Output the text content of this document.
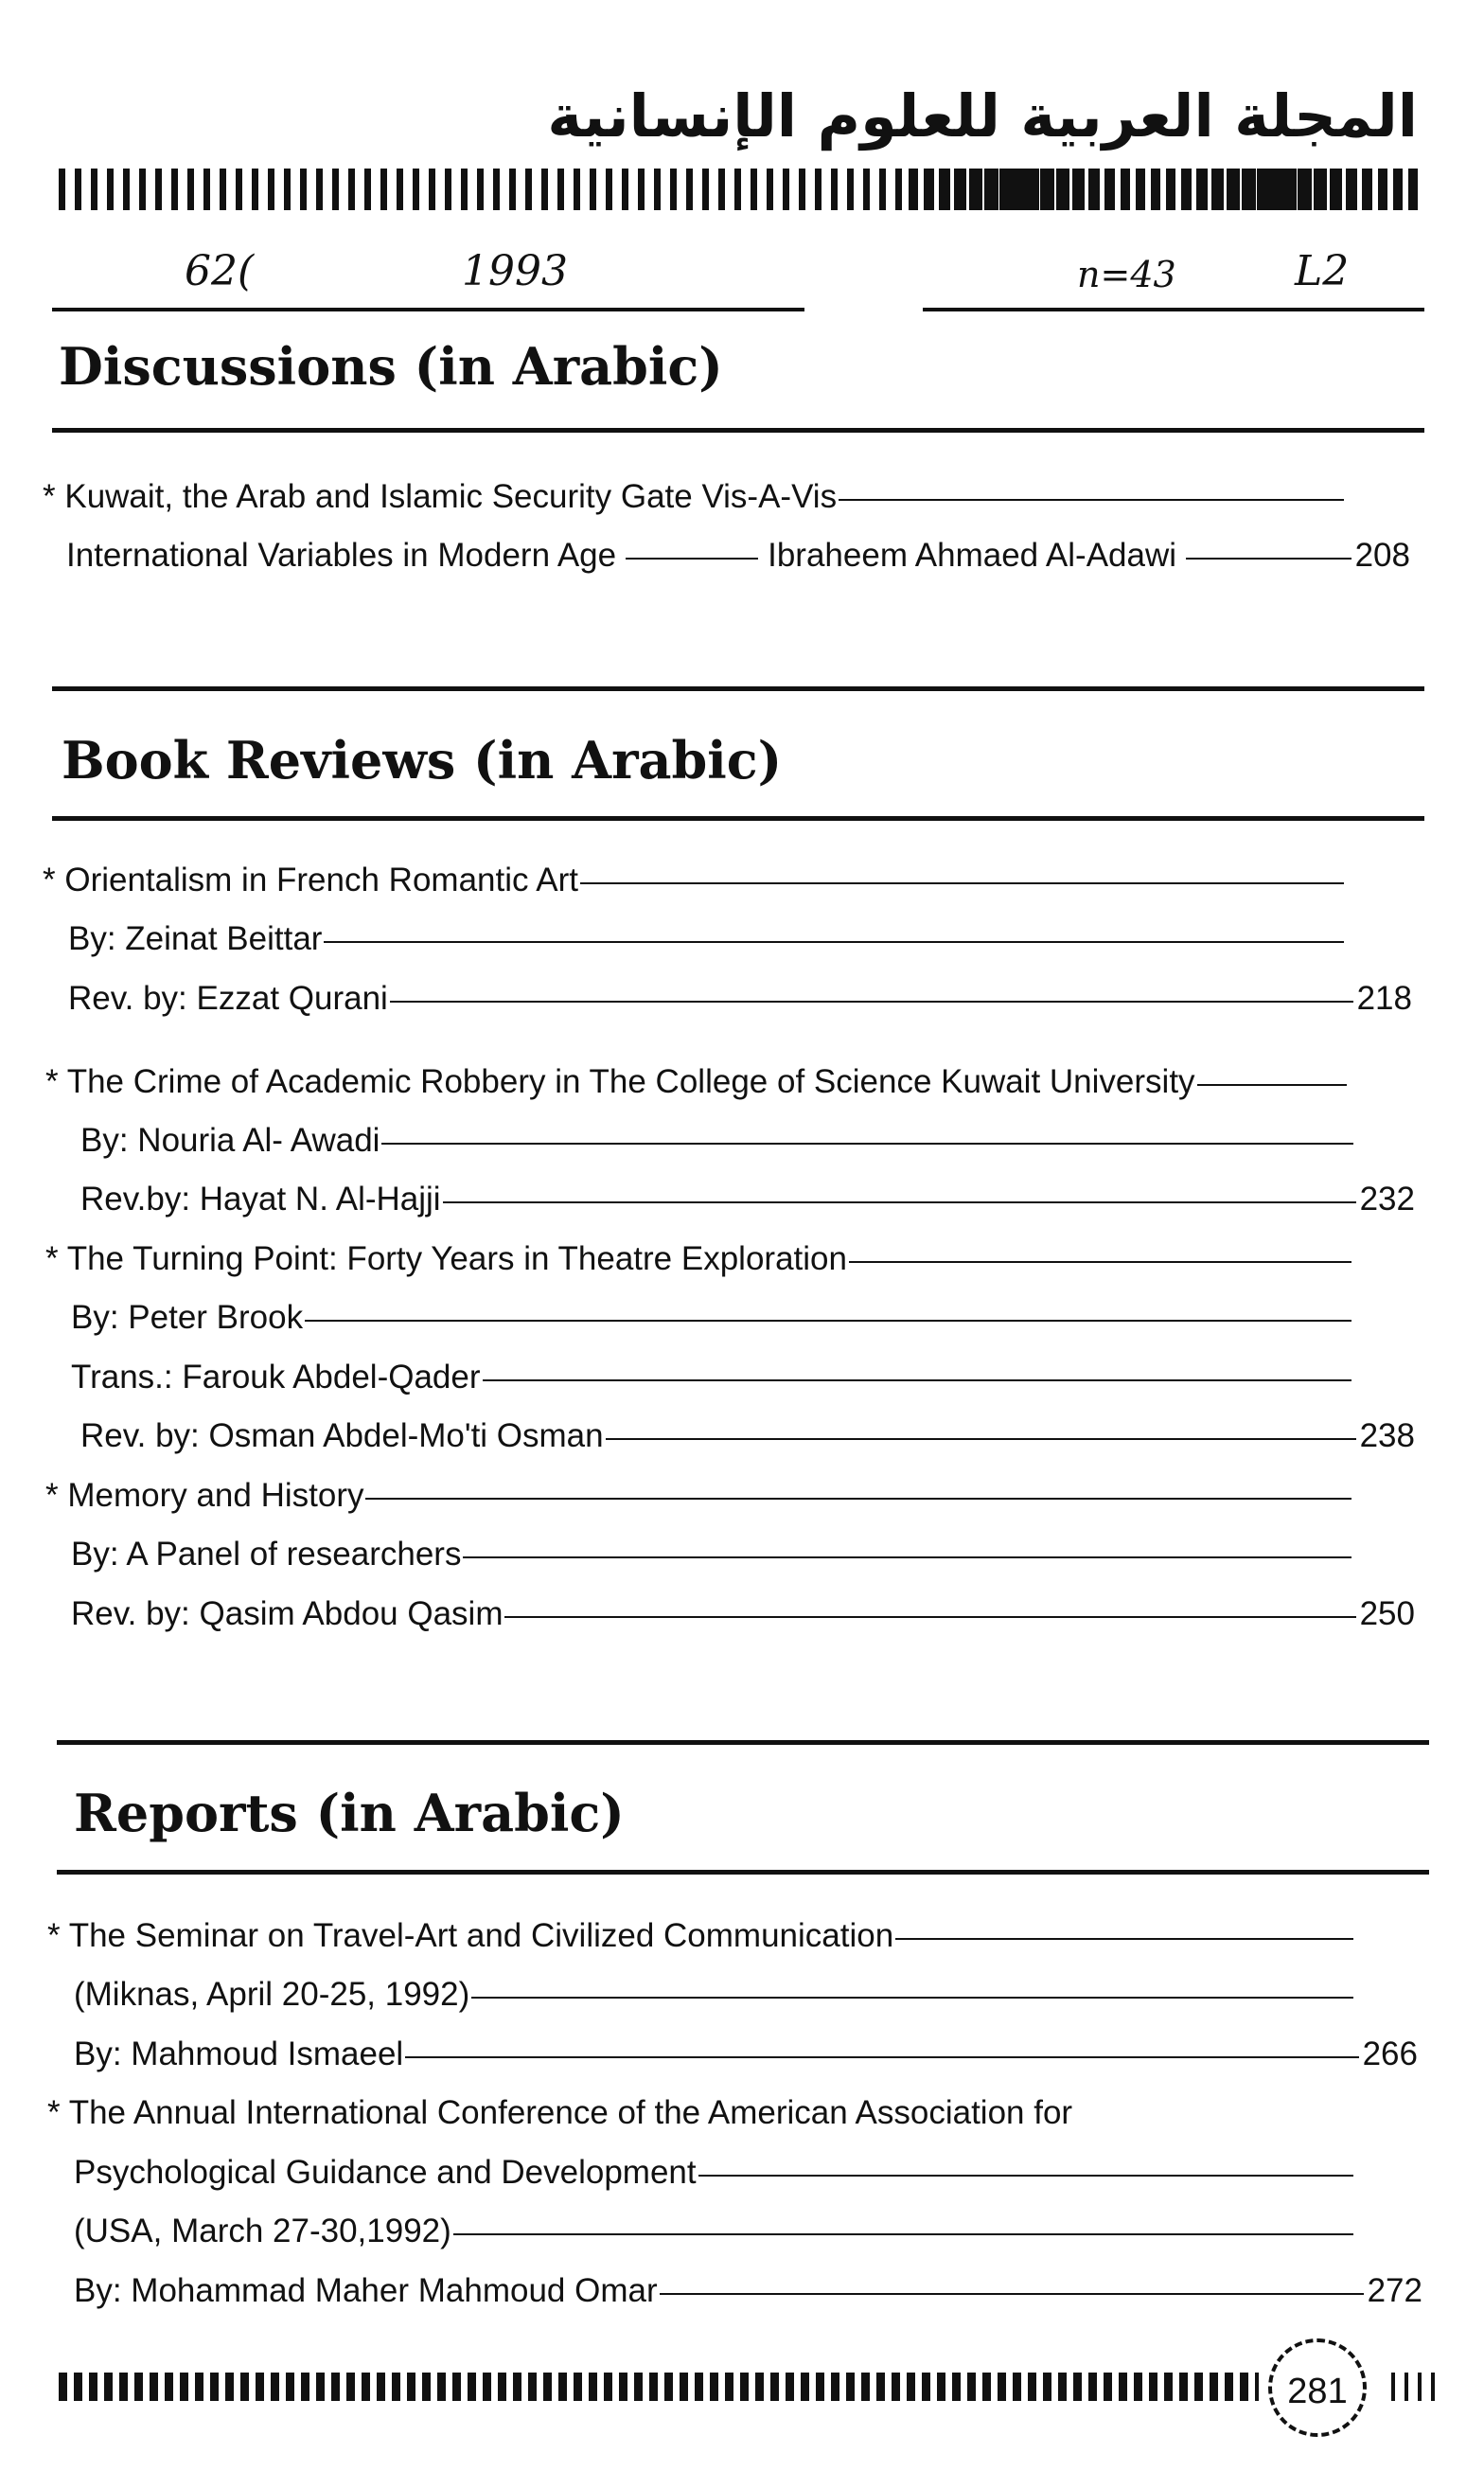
المجلة العربية للعلوم الإنسانية
62(	1993	n=43	L2
Discussions (in Arabic)
* Kuwait, the Arab and Islamic Security Gate Vis-A-Vis
International Variables in Modern Age	Ibraheem Ahmaed Al-Adawi	208
Book Reviews (in Arabic)
* Orientalism in French Romantic Art
By: Zeinat Beittar
Rev. by: Ezzat Qurani	218
* The Crime of Academic Robbery in The College of Science Kuwait University
By: Nouria Al- Awadi
Rev.by: Hayat N. Al-Hajji	232
* The Turning Point: Forty Years in Theatre Exploration
By: Peter Brook
Trans.: Farouk Abdel-Qader
Rev. by: Osman Abdel-Mo'ti Osman	238
* Memory and History
By: A Panel of researchers
Rev. by: Qasim Abdou Qasim	250
Reports (in Arabic)
* The Seminar on Travel-Art and Civilized Communication
(Miknas, April 20-25, 1992)
By: Mahmoud Ismaeel	266
* The Annual International Conference of the American Association for
Psychological Guidance and Development
(USA, March 27-30,1992)
By: Mohammad Maher Mahmoud Omar	272
281
